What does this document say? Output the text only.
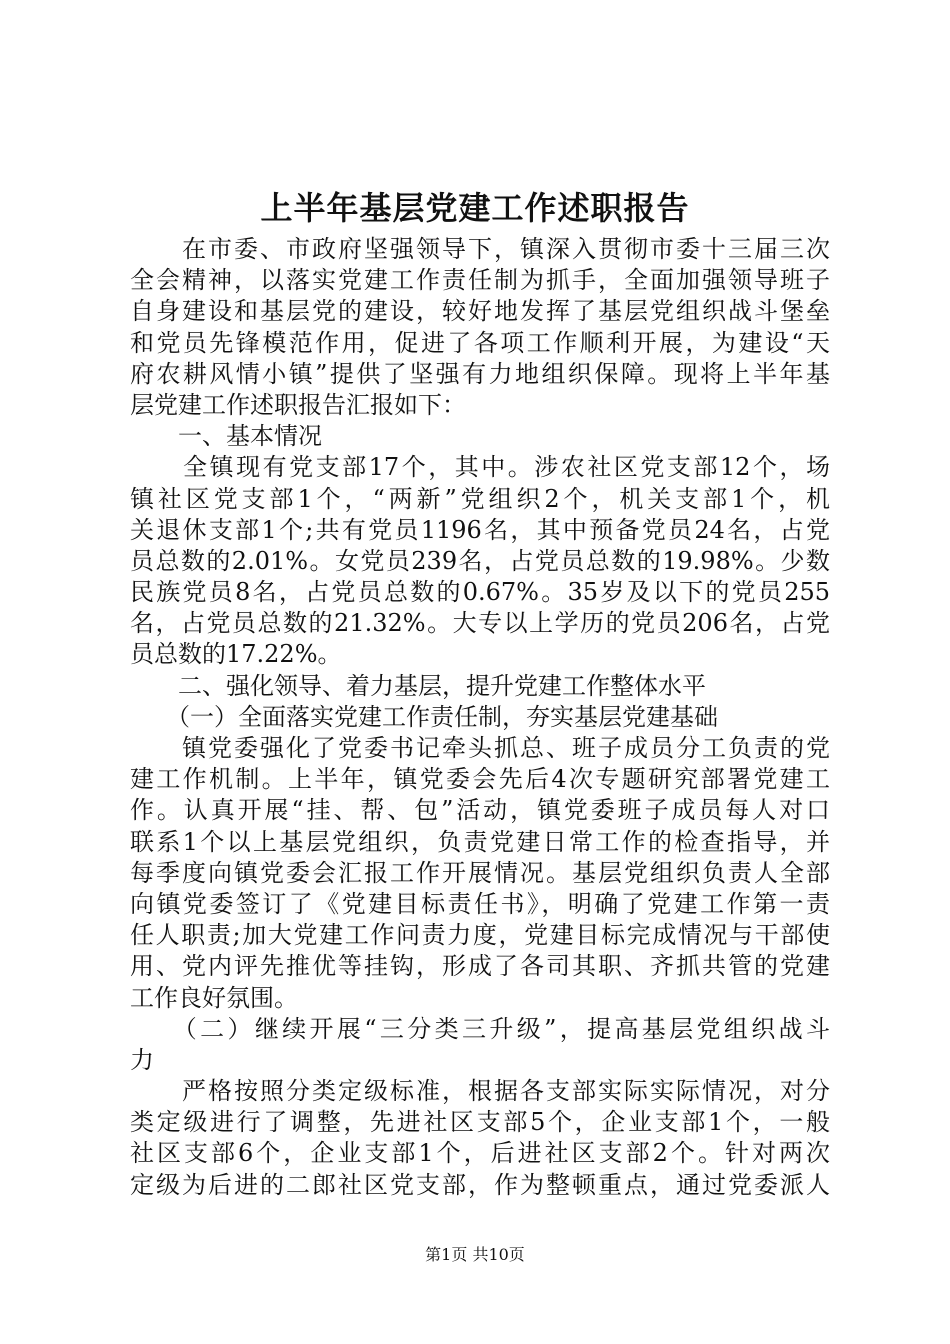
上半年基层党建工作述职报告
　　在市委、市政府坚强领导下，镇深入贯彻市委十三届三次
全会精神，以落实党建工作责任制为抓手，全面加强领导班子
自身建设和基层党的建设，较好地发挥了基层党组织战斗堡垒
和党员先锋模范作用，促进了各项工作顺利开展，为建设“天
府农耕风情小镇”提供了坚强有力地组织保障。现将上半年基
层党建工作述职报告汇报如下：
　　一、基本情况
　　全镇现有党支部17个，其中。涉农社区党支部12个，场
镇社区党支部1个，“两新”党组织2个，机关支部1个，机
关退休支部1个;共有党员1196名，其中预备党员24名，占党
员总数的2.01%。女党员239名，占党员总数的19.98%。少数
民族党员8名，占党员总数的0.67%。35岁及以下的党员255
名，占党员总数的21.32%。大专以上学历的党员206名，占党
员总数的17.22%。
　　二、强化领导、着力基层，提升党建工作整体水平
　　（一）全面落实党建工作责任制，夯实基层党建基础
　　镇党委强化了党委书记牵头抓总、班子成员分工负责的党
建工作机制。上半年，镇党委会先后4次专题研究部署党建工
作。认真开展“挂、帮、包”活动，镇党委班子成员每人对口
联系1个以上基层党组织，负责党建日常工作的检查指导，并
每季度向镇党委会汇报工作开展情况。基层党组织负责人全部
向镇党委签订了《党建目标责任书》，明确了党建工作第一责
任人职责;加大党建工作问责力度，党建目标完成情况与干部使
用、党内评先推优等挂钩，形成了各司其职、齐抓共管的党建
工作良好氛围。
　　（二）继续开展“三分类三升级”，提高基层党组织战斗
力
　　严格按照分类定级标准，根据各支部实际实际情况，对分
类定级进行了调整，先进社区支部5个，企业支部1个，一般
社区支部6个，企业支部1个，后进社区支部2个。针对两次
定级为后进的二郎社区党支部，作为整顿重点，通过党委派人
第1页 共10页
